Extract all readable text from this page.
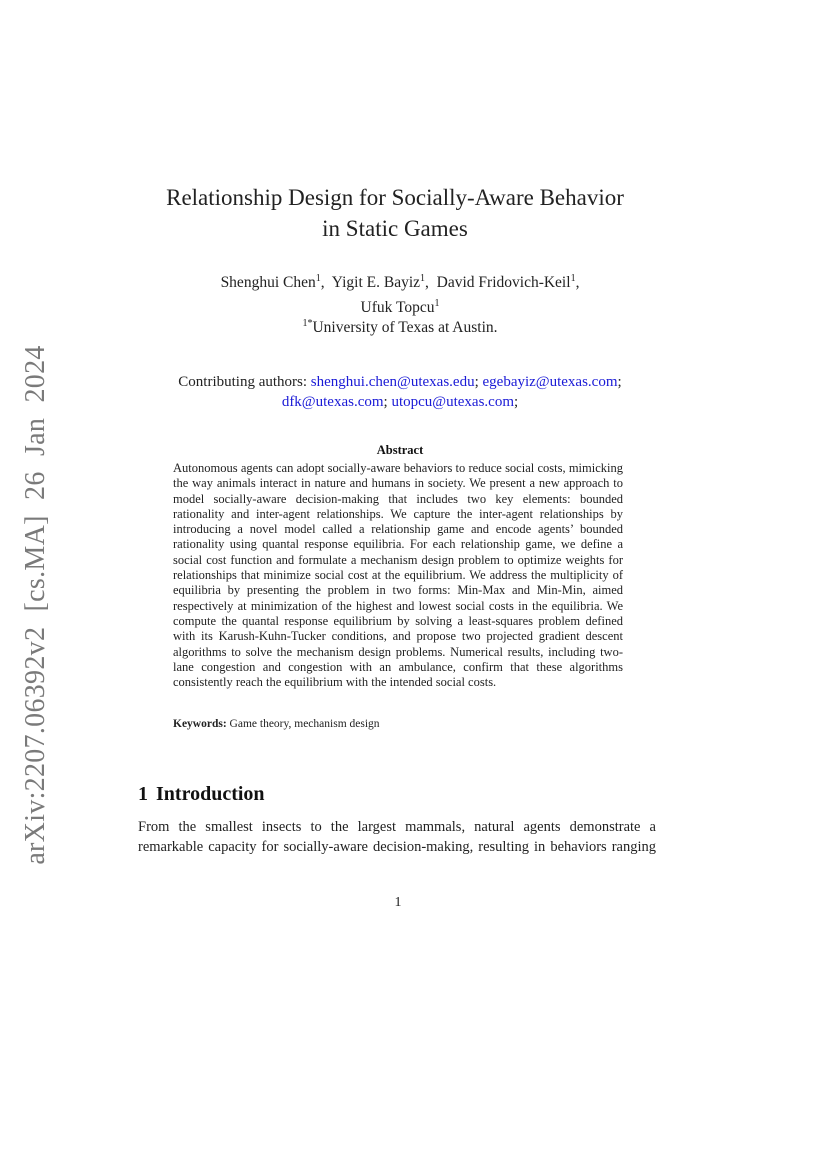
arXiv:2207.06392v2 [cs.MA] 26 Jan 2024
Relationship Design for Socially-Aware Behavior
in Static Games
Shenghui Chen$^1$,  Yigit E. Bayiz$^1$,  David Fridovich-Keil$^1$,
Ufuk Topcu$^1$
$^{1*}$University of Texas at Austin.
Contributing authors: shenghui.chen@utexas.edu; egebayiz@utexas.com;
dfk@utexas.com; utopcu@utexas.com;
Abstract
Autonomous agents can adopt socially-aware behaviors to reduce social costs, mimicking the way animals interact in nature and humans in society. We present a new approach to model socially-aware decision-making that includes two key elements: bounded rationality and inter-agent relationships. We capture the inter-agent relationships by introducing a novel model called a relationship game and encode agents’ bounded rationality using quantal response equilibria. For each relationship game, we define a social cost function and formulate a mechanism design problem to optimize weights for relationships that minimize social cost at the equilibrium. We address the multiplicity of equilibria by presenting the problem in two forms: Min-Max and Min-Min, aimed respectively at minimization of the highest and lowest social costs in the equilibria. We compute the quantal response equilibrium by solving a least-squares problem defined with its Karush-Kuhn-Tucker conditions, and propose two projected gradient descent algorithms to solve the mechanism design problems. Numerical results, including two-lane congestion and congestion with an ambulance, confirm that these algorithms consistently reach the equilibrium with the intended social costs.
Keywords: Game theory, mechanism design
1 Introduction
From the smallest insects to the largest mammals, natural agents demonstrate a remarkable capacity for socially-aware decision-making, resulting in behaviors ranging
1
